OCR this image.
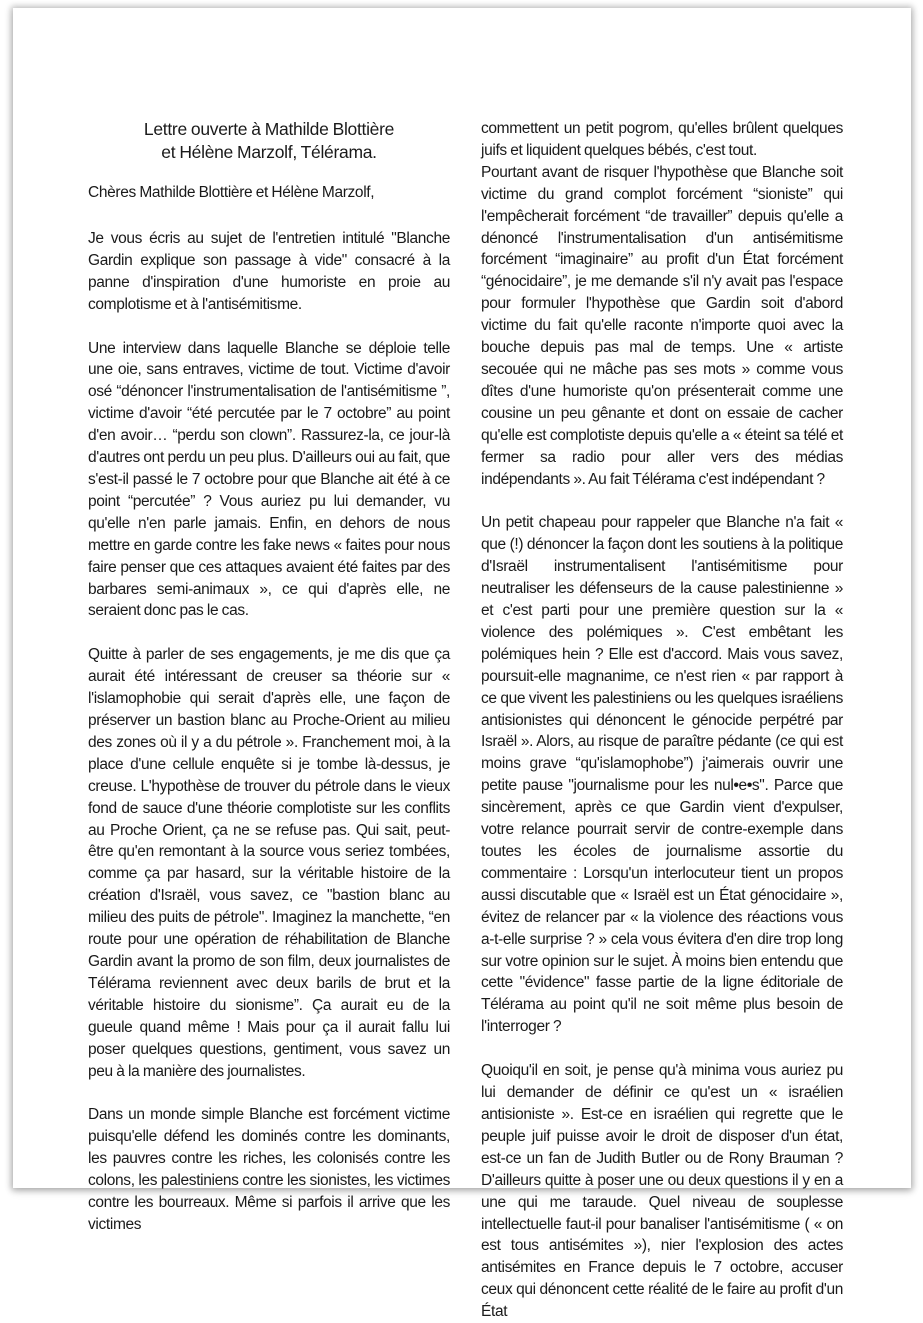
Lettre ouverte à Mathilde Blottière
et Hélène Marzolf, Télérama.

Chères Mathilde Blottière et Hélène Marzolf,

Je vous écris au sujet de l'entretien intitulé "Blanche Gardin explique son passage à vide" consacré à la panne d'inspiration d'une humoriste en proie au complotisme et à l'antisémitisme.

Une interview dans laquelle Blanche se déploie telle une oie, sans entraves, victime de tout. Victime d'avoir osé “dénoncer l'instrumentalisation de l'antisémitisme ”, victime d'avoir “été percutée par le 7 octobre” au point d'en avoir… “perdu son clown”. Rassurez-la, ce jour-là d'autres ont perdu un peu plus. D'ailleurs oui au fait, que s'est-il passé le 7 octobre pour que Blanche ait été à ce point “percutée” ? Vous auriez pu lui demander, vu qu'elle n'en parle jamais. Enfin, en dehors de nous mettre en garde contre les fake news « faites pour nous faire penser que ces attaques avaient été faites par des barbares semi-animaux », ce qui d'après elle, ne seraient donc pas le cas.

Quitte à parler de ses engagements, je me dis que ça aurait été intéressant de creuser sa théorie sur « l'islamophobie qui serait d'après elle, une façon de préserver un bastion blanc au Proche-Orient au milieu des zones où il y a du pétrole ». Franchement moi, à la place d'une cellule enquête si je tombe là-dessus, je creuse. L'hypothèse de trouver du pétrole dans le vieux fond de sauce d'une théorie complotiste sur les conflits au Proche Orient, ça ne se refuse pas. Qui sait, peut-être qu'en remontant à la source vous seriez tombées, comme ça par hasard, sur la véritable histoire de la création d'Israël, vous savez, ce "bastion blanc au milieu des puits de pétrole". Imaginez la manchette, “en route pour une opération de réhabilitation de Blanche Gardin avant la promo de son film, deux journalistes de Télérama reviennent avec deux barils de brut et la véritable histoire du sionisme”. Ça aurait eu de la gueule quand même ! Mais pour ça il aurait fallu lui poser quelques questions, gentiment, vous savez un peu à la manière des journalistes.

Dans un monde simple Blanche est forcément victime puisqu'elle défend les dominés contre les dominants, les pauvres contre les riches, les colonisés contre les colons, les palestiniens contre les sionistes, les victimes contre les bourreaux. Même si parfois il arrive que les victimes

commettent un petit pogrom, qu'elles brûlent quelques juifs et liquident quelques bébés, c'est tout.

Pourtant avant de risquer l'hypothèse que Blanche soit victime du grand complot forcément “sioniste” qui l'empêcherait forcément “de travailler” depuis qu'elle a dénoncé l'instrumentalisation d'un antisémitisme forcément “imaginaire” au profit d'un État forcément “génocidaire”, je me demande s'il n'y avait pas l'espace pour formuler l'hypothèse que Gardin soit d'abord victime du fait qu'elle raconte n'importe quoi avec la bouche depuis pas mal de temps. Une « artiste secouée qui ne mâche pas ses mots » comme vous dîtes d'une humoriste qu'on présenterait comme une cousine un peu gênante et dont on essaie de cacher qu'elle est complotiste depuis qu'elle a « éteint sa télé et fermer sa radio pour aller vers des médias indépendants ». Au fait Télérama c'est indépendant ?

Un petit chapeau pour rappeler que Blanche n'a fait « que (!) dénoncer la façon dont les soutiens à la politique d'Israël instrumentalisent l'antisémitisme pour neutraliser les défenseurs de la cause palestinienne » et c'est parti pour une première question sur la « violence des polémiques ». C'est embêtant les polémiques hein ? Elle est d'accord. Mais vous savez, poursuit-elle magnanime, ce n'est rien « par rapport à ce que vivent les palestiniens ou les quelques israéliens antisionistes qui dénoncent le génocide perpétré par Israël ». Alors, au risque de paraître pédante (ce qui est moins grave “qu'islamophobe”) j'aimerais ouvrir une petite pause "journalisme pour les nul•e•s". Parce que sincèrement, après ce que Gardin vient d'expulser, votre relance pourrait servir de contre-exemple dans toutes les écoles de journalisme assortie du commentaire : Lorsqu'un interlocuteur tient un propos aussi discutable que « Israël est un État génocidaire », évitez de relancer par « la violence des réactions vous a-t-elle surprise ? » cela vous évitera d'en dire trop long sur votre opinion sur le sujet. À moins bien entendu que cette "évidence" fasse partie de la ligne éditoriale de Télérama au point qu'il ne soit même plus besoin de l'interroger ?

Quoiqu'il en soit, je pense qu'à minima vous auriez pu lui demander de définir ce qu'est un « israélien antisioniste ». Est-ce en israélien qui regrette que le peuple juif puisse avoir le droit de disposer d'un état, est-ce un fan de Judith Butler ou de Rony Brauman ? D'ailleurs quitte à poser une ou deux questions il y en a une qui me taraude. Quel niveau de souplesse intellectuelle faut-il pour banaliser l'antisémitisme ( « on est tous antisémites »), nier l'explosion des actes antisémites en France depuis le 7 octobre, accuser ceux qui dénoncent cette réalité de le faire au profit d'un État
